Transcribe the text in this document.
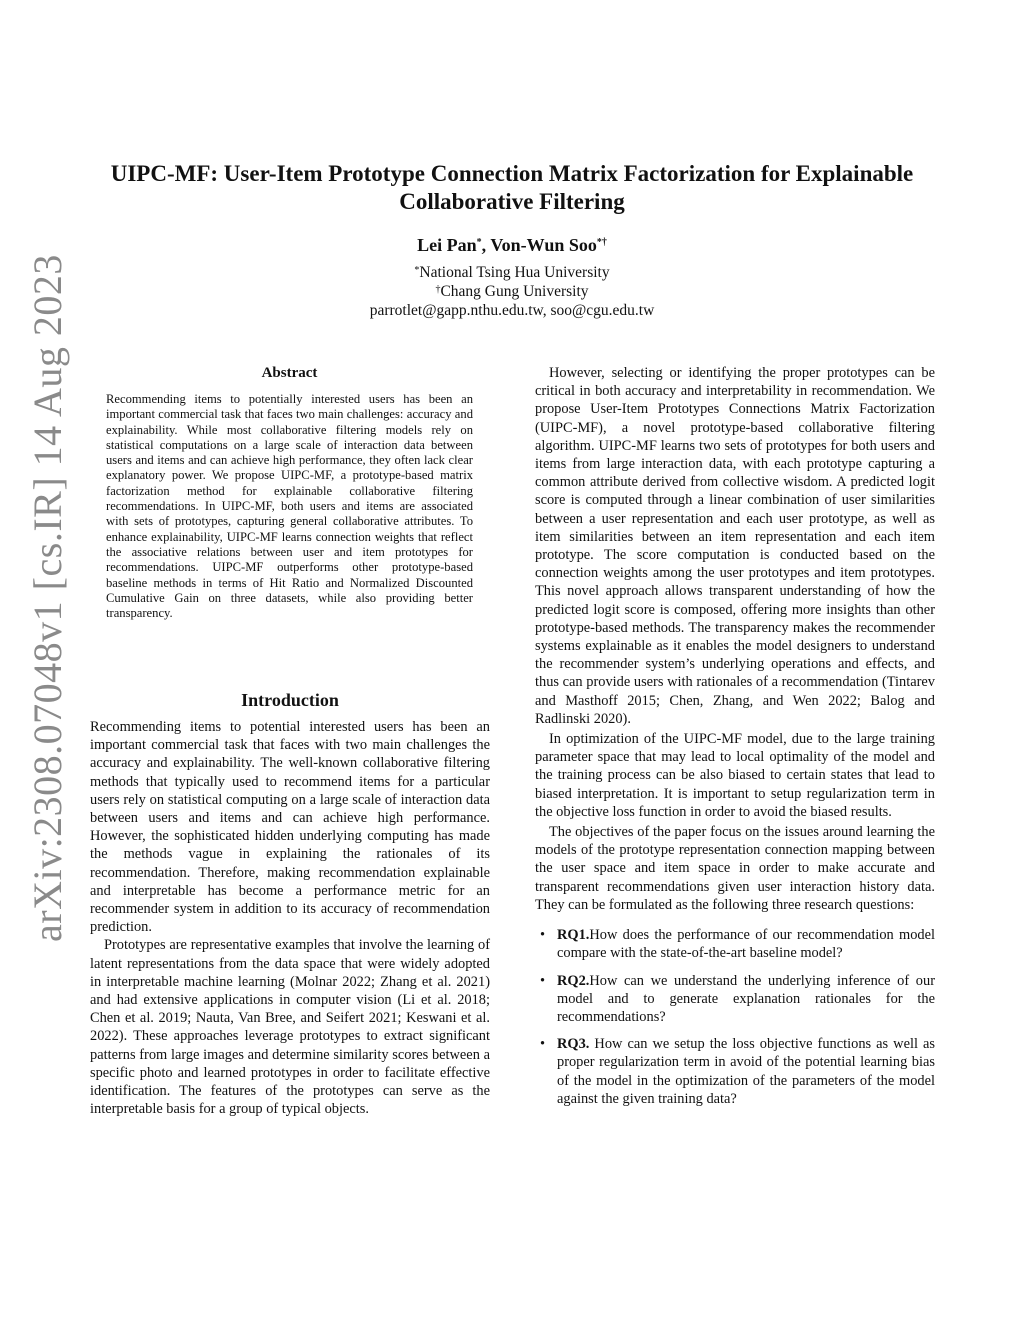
arXiv:2308.07048v1 [cs.IR] 14 Aug 2023
UIPC-MF: User-Item Prototype Connection Matrix Factorization for Explainable
Collaborative Filtering
Lei Pan*, Von-Wun Soo*†
*National Tsing Hua University
†Chang Gung University
parrotlet@gapp.nthu.edu.tw, soo@cgu.edu.tw
Abstract

Recommending items to potentially interested users has been an important commercial task that faces two main challenges: accuracy and explainability. While most collaborative filtering models rely on statistical computations on a large scale of interaction data between users and items and can achieve high performance, they often lack clear explanatory power. We propose UIPC-MF, a prototype-based matrix factorization method for explainable collaborative filtering recommendations. In UIPC-MF, both users and items are associated with sets of prototypes, capturing general collaborative attributes. To enhance explainability, UIPC-MF learns connection weights that reflect the associative relations between user and item prototypes for recommendations. UIPC-MF outperforms other prototype-based baseline methods in terms of Hit Ratio and Normalized Discounted Cumulative Gain on three datasets, while also providing better transparency.

Introduction

Recommending items to potential interested users has been an important commercial task that faces with two main challenges the accuracy and explainability. The well-known collaborative filtering methods that typically used to recommend items for a particular users rely on statistical computing on a large scale of interaction data between users and items and can achieve high performance. However, the sophisticated hidden underlying computing has made the methods vague in explaining the rationales of its recommendation. Therefore, making recommendation explainable and interpretable has become a performance metric for an recommender system in addition to its accuracy of recommendation prediction.

Prototypes are representative examples that involve the learning of latent representations from the data space that were widely adopted in interpretable machine learning (Molnar 2022; Zhang et al. 2021) and had extensive applications in computer vision (Li et al. 2018; Chen et al. 2019; Nauta, Van Bree, and Seifert 2021; Keswani et al. 2022). These approaches leverage prototypes to extract significant patterns from large images and determine similarity scores between a specific photo and learned prototypes in order to facilitate effective identification. The features of the prototypes can serve as the interpretable basis for a group of typical objects.

However, selecting or identifying the proper prototypes can be critical in both accuracy and interpretability in recommendation. We propose User-Item Prototypes Connections Matrix Factorization (UIPC-MF), a novel prototype-based collaborative filtering algorithm. UIPC-MF learns two sets of prototypes for both users and items from large interaction data, with each prototype capturing a common attribute derived from collective wisdom. A predicted logit score is computed through a linear combination of user similarities between a user representation and each user prototype, as well as item similarities between an item representation and each item prototype. The score computation is conducted based on the connection weights among the user prototypes and item prototypes. This novel approach allows transparent understanding of how the predicted logit score is composed, offering more insights than other prototype-based methods. The transparency makes the recommender systems explainable as it enables the model designers to understand the recommender system’s underlying operations and effects, and thus can provide users with rationales of a recommendation (Tintarev and Masthoff 2015; Chen, Zhang, and Wen 2022; Balog and Radlinski 2020).

In optimization of the UIPC-MF model, due to the large training parameter space that may lead to local optimality of the model and the training process can be also biased to certain states that lead to biased interpretation. It is important to setup regularization term in the objective loss function in order to avoid the biased results.

The objectives of the paper focus on the issues around learning the models of the prototype representation connection mapping between the user space and item space in order to make accurate and transparent recommendations given user interaction history data. They can be formulated as the following three research questions:

• RQ1.How does the performance of our recommendation model compare with the state-of-the-art baseline model?
• RQ2.How can we understand the underlying inference of our model and to generate explanation rationales for the recommendations?
• RQ3. How can we setup the loss objective functions as well as proper regularization term in avoid of the potential learning bias of the model in the optimization of the parameters of the model against the given training data?
